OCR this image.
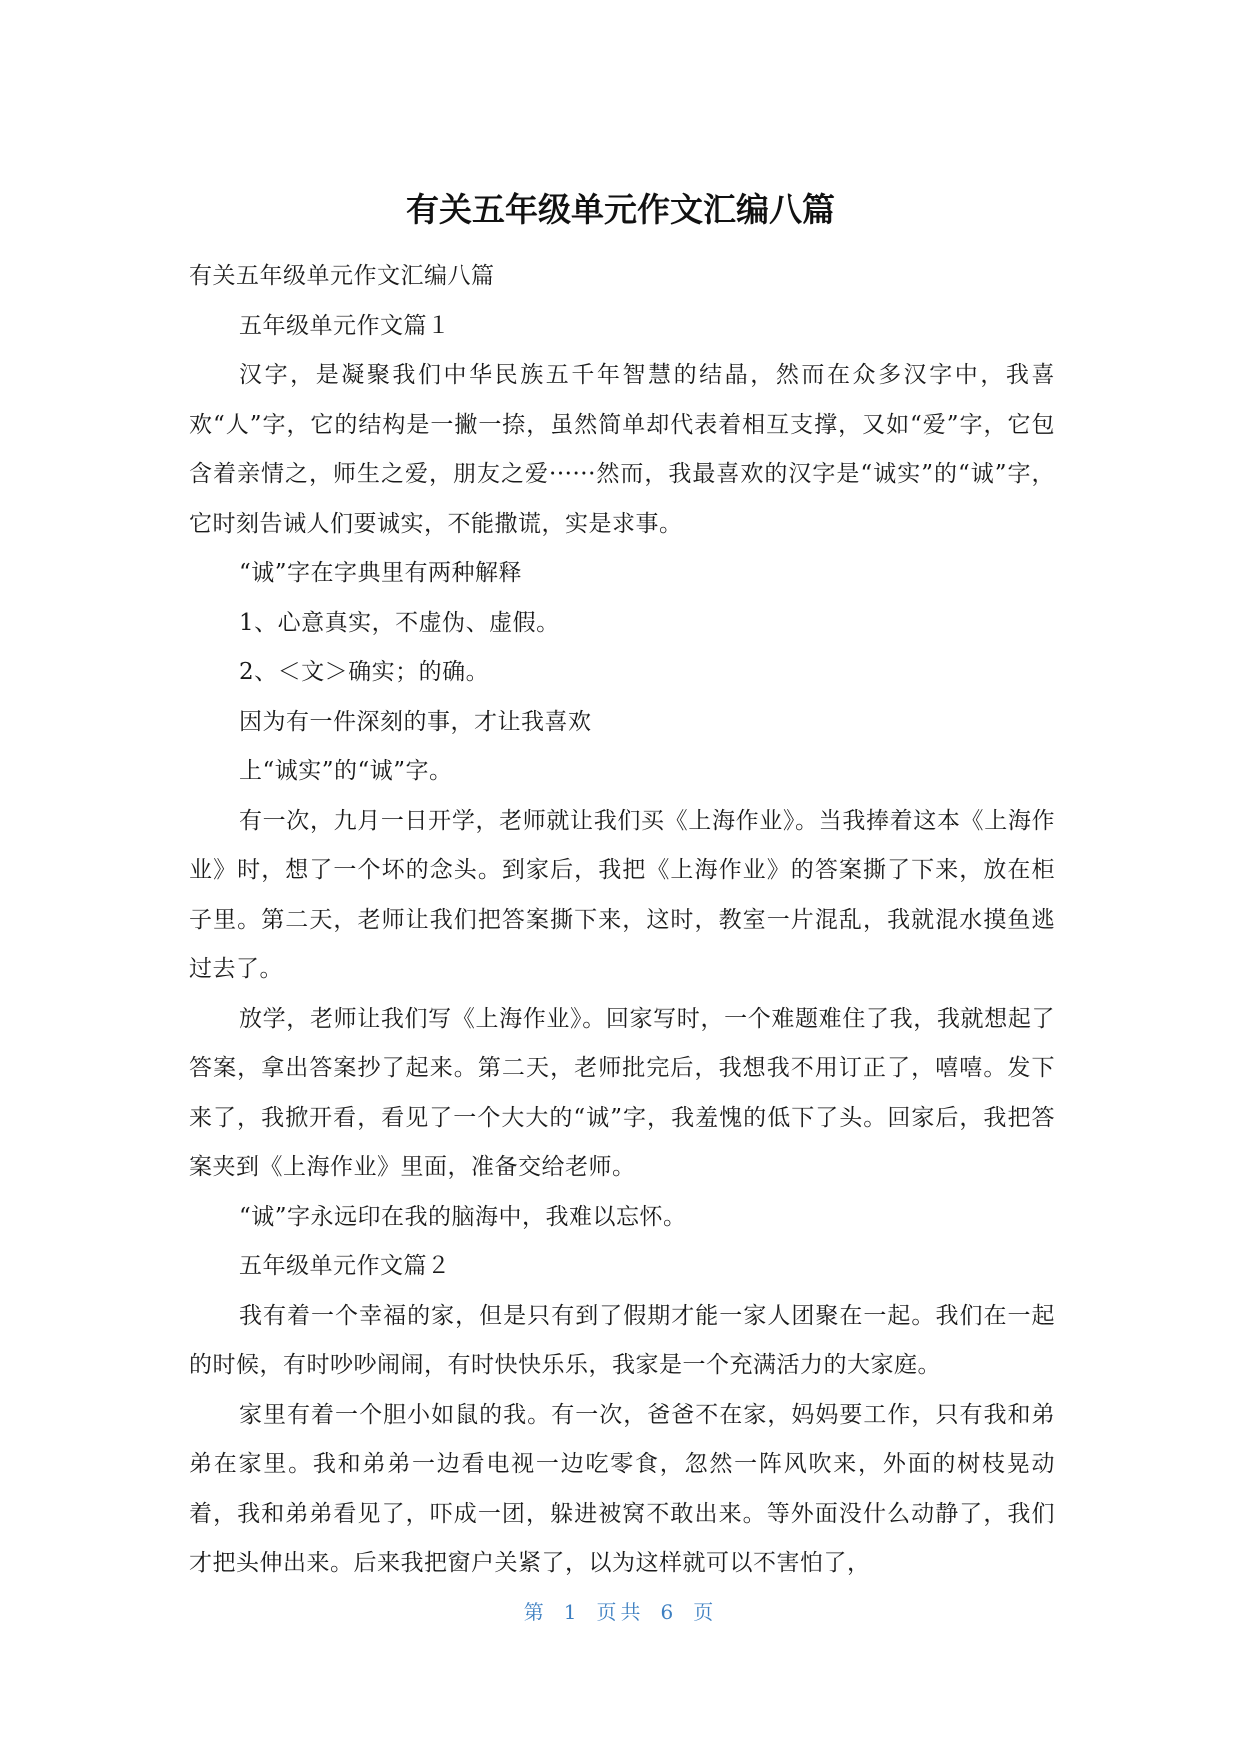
有关五年级单元作文汇编八篇

有关五年级单元作文汇编八篇

五年级单元作文篇１

汉字，是凝聚我们中华民族五千年智慧的结晶，然而在众多汉字中，我喜欢“人”字，它的结构是一撇一捺，虽然简单却代表着相互支撑，又如“爱”字，它包含着亲情之，师生之爱，朋友之爱······然而，我最喜欢的汉字是“诚实”的“诚”字，它时刻告诫人们要诚实，不能撒谎，实是求事。

“诚”字在字典里有两种解释

1、心意真实，不虚伪、虚假。

2、＜文＞确实；的确。

因为有一件深刻的事，才让我喜欢

上“诚实”的“诚”字。

有一次，九月一日开学，老师就让我们买《上海作业》。当我捧着这本《上海作业》时，想了一个坏的念头。到家后，我把《上海作业》的答案撕了下来，放在柜子里。第二天，老师让我们把答案撕下来，这时，教室一片混乱，我就混水摸鱼逃过去了。

放学，老师让我们写《上海作业》。回家写时，一个难题难住了我，我就想起了答案，拿出答案抄了起来。第二天，老师批完后，我想我不用订正了，嘻嘻。发下来了，我掀开看，看见了一个大大的“诚”字，我羞愧的低下了头。回家后，我把答案夹到《上海作业》里面，准备交给老师。

“诚”字永远印在我的脑海中，我难以忘怀。

五年级单元作文篇２

我有着一个幸福的家，但是只有到了假期才能一家人团聚在一起。我们在一起的时候，有时吵吵闹闹，有时快快乐乐，我家是一个充满活力的大家庭。

家里有着一个胆小如鼠的我。有一次，爸爸不在家，妈妈要工作，只有我和弟弟在家里。我和弟弟一边看电视一边吃零食，忽然一阵风吹来，外面的树枝晃动着，我和弟弟看见了，吓成一团，躲进被窝不敢出来。等外面没什么动静了，我们才把头伸出来。后来我把窗户关紧了，以为这样就可以不害怕了，

第 1 页共 6 页
